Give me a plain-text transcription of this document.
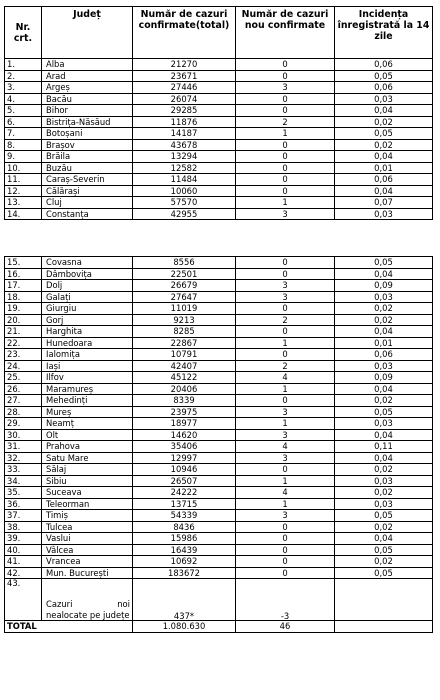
Nr. crt.	Județ	Număr de cazuri confirmate(total)	Număr de cazuri nou confirmate	Incidența înregistrată la 14 zile
1.	Alba	21270	0	0,06
2.	Arad	23671	0	0,05
3.	Argeș	27446	3	0,06
4.	Bacău	26074	0	0,03
5.	Bihor	29285	0	0,04
6.	Bistrița-Năsăud	11876	2	0,02
7.	Botoșani	14187	1	0,05
8.	Brașov	43678	0	0,02
9.	Brăila	13294	0	0,04
10.	Buzău	12582	0	0,01
11.	Caraș-Severin	11484	0	0,06
12.	Călărași	10060	0	0,04
13.	Cluj	57570	1	0,07
14.	Constanța	42955	3	0,03
15.	Covasna	8556	0	0,05
16.	Dâmbovița	22501	0	0,04
17.	Dolj	26679	3	0,09
18.	Galați	27647	3	0,03
19.	Giurgiu	11019	0	0,02
20.	Gorj	9213	2	0,02
21.	Harghita	8285	0	0,04
22.	Hunedoara	22867	1	0,01
23.	Ialomița	10791	0	0,06
24.	Iași	42407	2	0,03
25.	Ilfov	45122	4	0,09
26.	Maramureș	20406	1	0,04
27.	Mehedinți	8339	0	0,02
28.	Mureș	23975	3	0,05
29.	Neamț	18977	1	0,03
30.	Olt	14620	3	0,04
31.	Prahova	35406	4	0,11
32.	Satu Mare	12997	3	0,04
33.	Sălaj	10946	0	0,02
34.	Sibiu	26507	1	0,03
35.	Suceava	24222	4	0,02
36.	Teleorman	13715	1	0,03
37.	Timiș	54339	3	0,05
38.	Tulcea	8436	0	0,02
39.	Vaslui	15986	0	0,04
40.	Vâlcea	16439	0	0,05
41.	Vrancea	10692	0	0,02
42.	Mun. București	183672	0	0,05
43.	Cazuri noi nealocate pe județe	437*	-3	
TOTAL		1.080.630	46	
